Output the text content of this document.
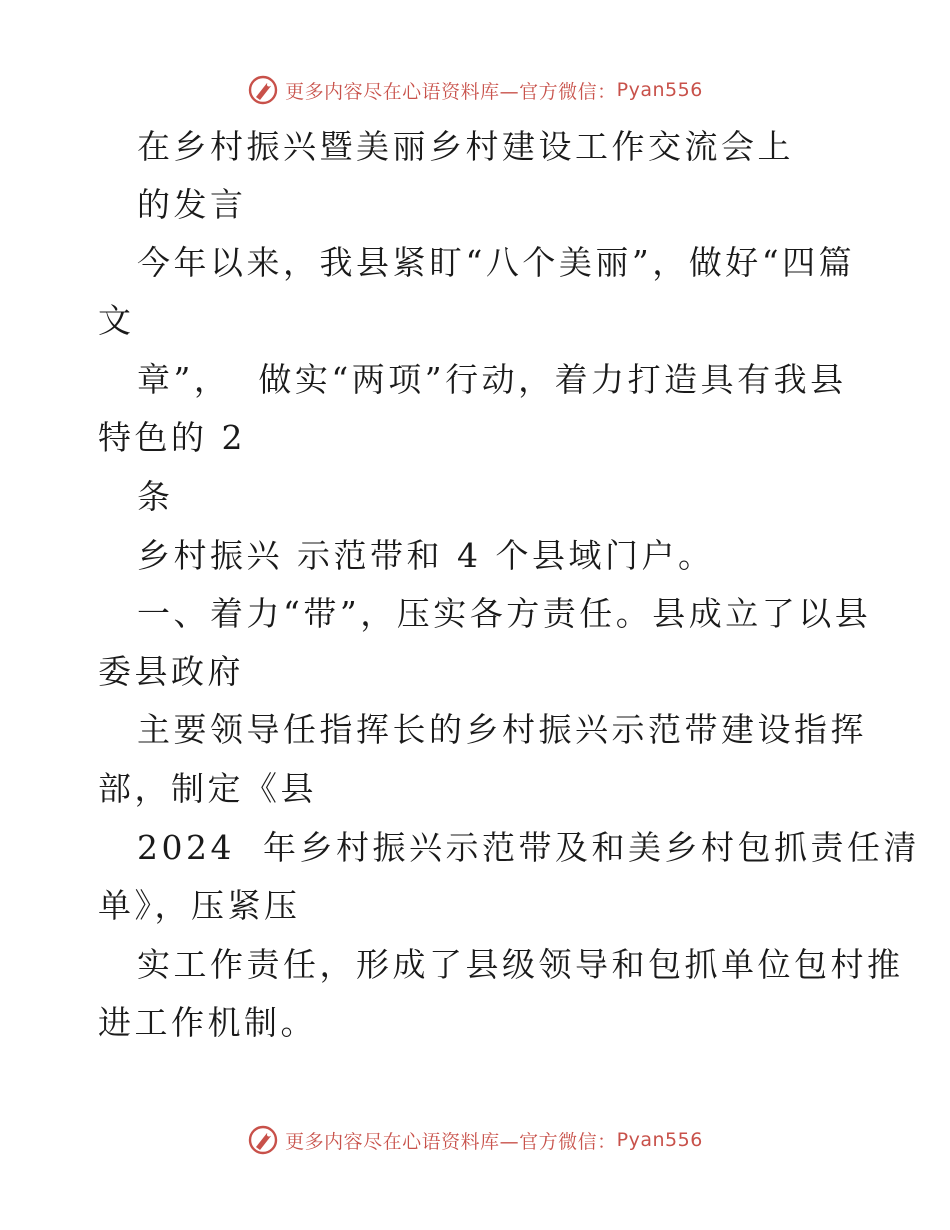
更多内容尽在心语资料库—官方微信： Pyan556
在乡村振兴暨美丽乡村建设工作交流会上
的发言
今年以来，我县紧盯“八个美丽”，做好“四篇
文
章”，  做实“两项”行动，着力打造具有我县
特色的 2
条
乡村振兴 示范带和 4 个县域门户。
一、着力“带”，压实各方责任。县成立了以县
委县政府
主要领导任指挥长的乡村振兴示范带建设指挥
部，制定《县
2024  年乡村振兴示范带及和美乡村包抓责任清
单》，压紧压
实工作责任，形成了县级领导和包抓单位包村推
进工作机制。
更多内容尽在心语资料库—官方微信： Pyan556
